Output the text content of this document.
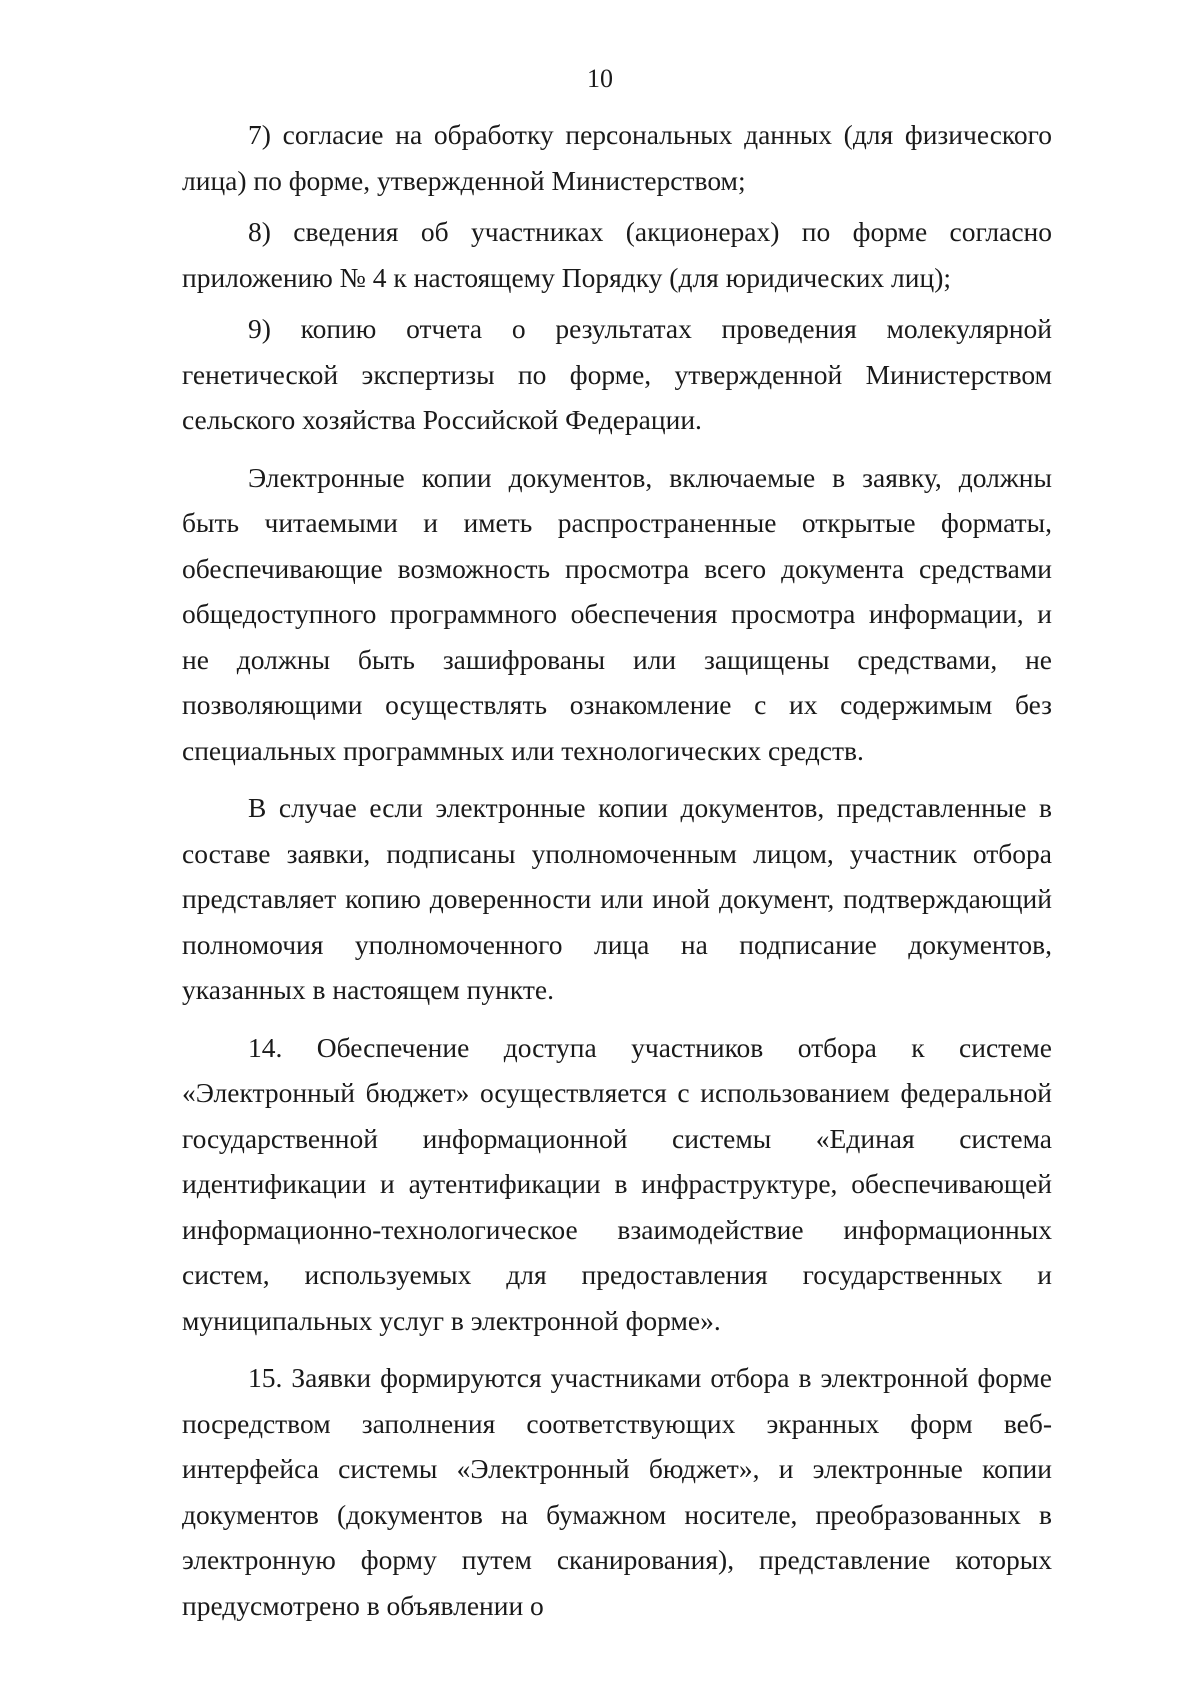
10

7) согласие на обработку персональных данных (для физического лица) по форме, утвержденной Министерством;

8) сведения об участниках (акционерах) по форме согласно приложению № 4 к настоящему Порядку (для юридических лиц);

9) копию отчета о результатах проведения молекулярной генетической экспертизы по форме, утвержденной Министерством сельского хозяйства Российской Федерации.

Электронные копии документов, включаемые в заявку, должны быть читаемыми и иметь распространенные открытые форматы, обеспечивающие возможность просмотра всего документа средствами общедоступного программного обеспечения просмотра информации, и не должны быть зашифрованы или защищены средствами, не позволяющими осуществлять ознакомление с их содержимым без специальных программных или технологических средств.

В случае если электронные копии документов, представленные в составе заявки, подписаны уполномоченным лицом, участник отбора представляет копию доверенности или иной документ, подтверждающий полномочия уполномоченного лица на подписание документов, указанных в настоящем пункте.

14. Обеспечение доступа участников отбора к системе «Электронный бюджет» осуществляется с использованием федеральной государственной информационной системы «Единая система идентификации и аутентификации в инфраструктуре, обеспечивающей информационно-технологическое взаимодействие информационных систем, используемых для предоставления государственных и муниципальных услуг в электронной форме».

15. Заявки формируются участниками отбора в электронной форме посредством заполнения соответствующих экранных форм веб-интерфейса системы «Электронный бюджет», и электронные копии документов (документов на бумажном носителе, преобразованных в электронную форму путем сканирования), представление которых предусмотрено в объявлении о
